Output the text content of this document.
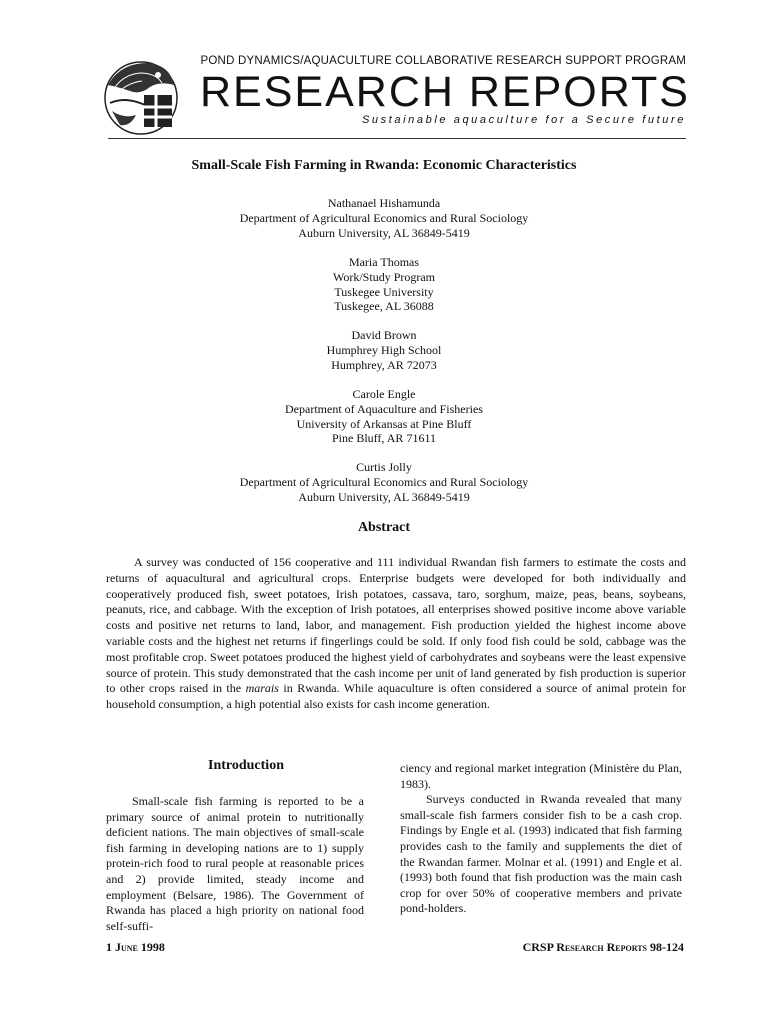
POND DYNAMICS/AQUACULTURE COLLABORATIVE RESEARCH SUPPORT PROGRAM
RESEARCH REPORTS
Sustainable aquaculture for a Secure future
Small-Scale Fish Farming in Rwanda: Economic Characteristics
Nathanael Hishamunda
Department of Agricultural Economics and Rural Sociology
Auburn University, AL 36849-5419
Maria Thomas
Work/Study Program
Tuskegee University
Tuskegee, AL 36088
David Brown
Humphrey High School
Humphrey, AR 72073
Carole Engle
Department of Aquaculture and Fisheries
University of Arkansas at Pine Bluff
Pine Bluff, AR 71611
Curtis Jolly
Department of Agricultural Economics and Rural Sociology
Auburn University, AL 36849-5419
Abstract
A survey was conducted of 156 cooperative and 111 individual Rwandan fish farmers to estimate the costs and returns of aquacultural and agricultural crops. Enterprise budgets were developed for both individually and cooperatively produced fish, sweet potatoes, Irish potatoes, cassava, taro, sorghum, maize, peas, beans, soybeans, peanuts, rice, and cabbage. With the exception of Irish potatoes, all enterprises showed positive income above variable costs and positive net returns to land, labor, and management. Fish production yielded the highest income above variable costs and the highest net returns if fingerlings could be sold. If only food fish could be sold, cabbage was the most profitable crop. Sweet potatoes produced the highest yield of carbohydrates and soybeans were the least expensive source of protein. This study demonstrated that the cash income per unit of land generated by fish production is superior to other crops raised in the marais in Rwanda. While aquaculture is often considered a source of animal protein for household consumption, a high potential also exists for cash income generation.
Introduction
Small-scale fish farming is reported to be a primary source of animal protein to nutritionally deficient nations. The main objectives of small-scale fish farming in developing nations are to 1) supply protein-rich food to rural people at reasonable prices and 2) provide limited, steady income and employment (Belsare, 1986). The Government of Rwanda has placed a high priority on national food self-suffi-

ciency and regional market integration (Ministère du Plan, 1983).

Surveys conducted in Rwanda revealed that many small-scale fish farmers consider fish to be a cash crop. Findings by Engle et al. (1993) indicated that fish farming provides cash to the family and supplements the diet of the Rwandan farmer. Molnar et al. (1991) and Engle et al. (1993) both found that fish production was the main cash crop for over 50% of cooperative members and private pond-holders.

1 June 1998	CRSP Research Reports 98-124
